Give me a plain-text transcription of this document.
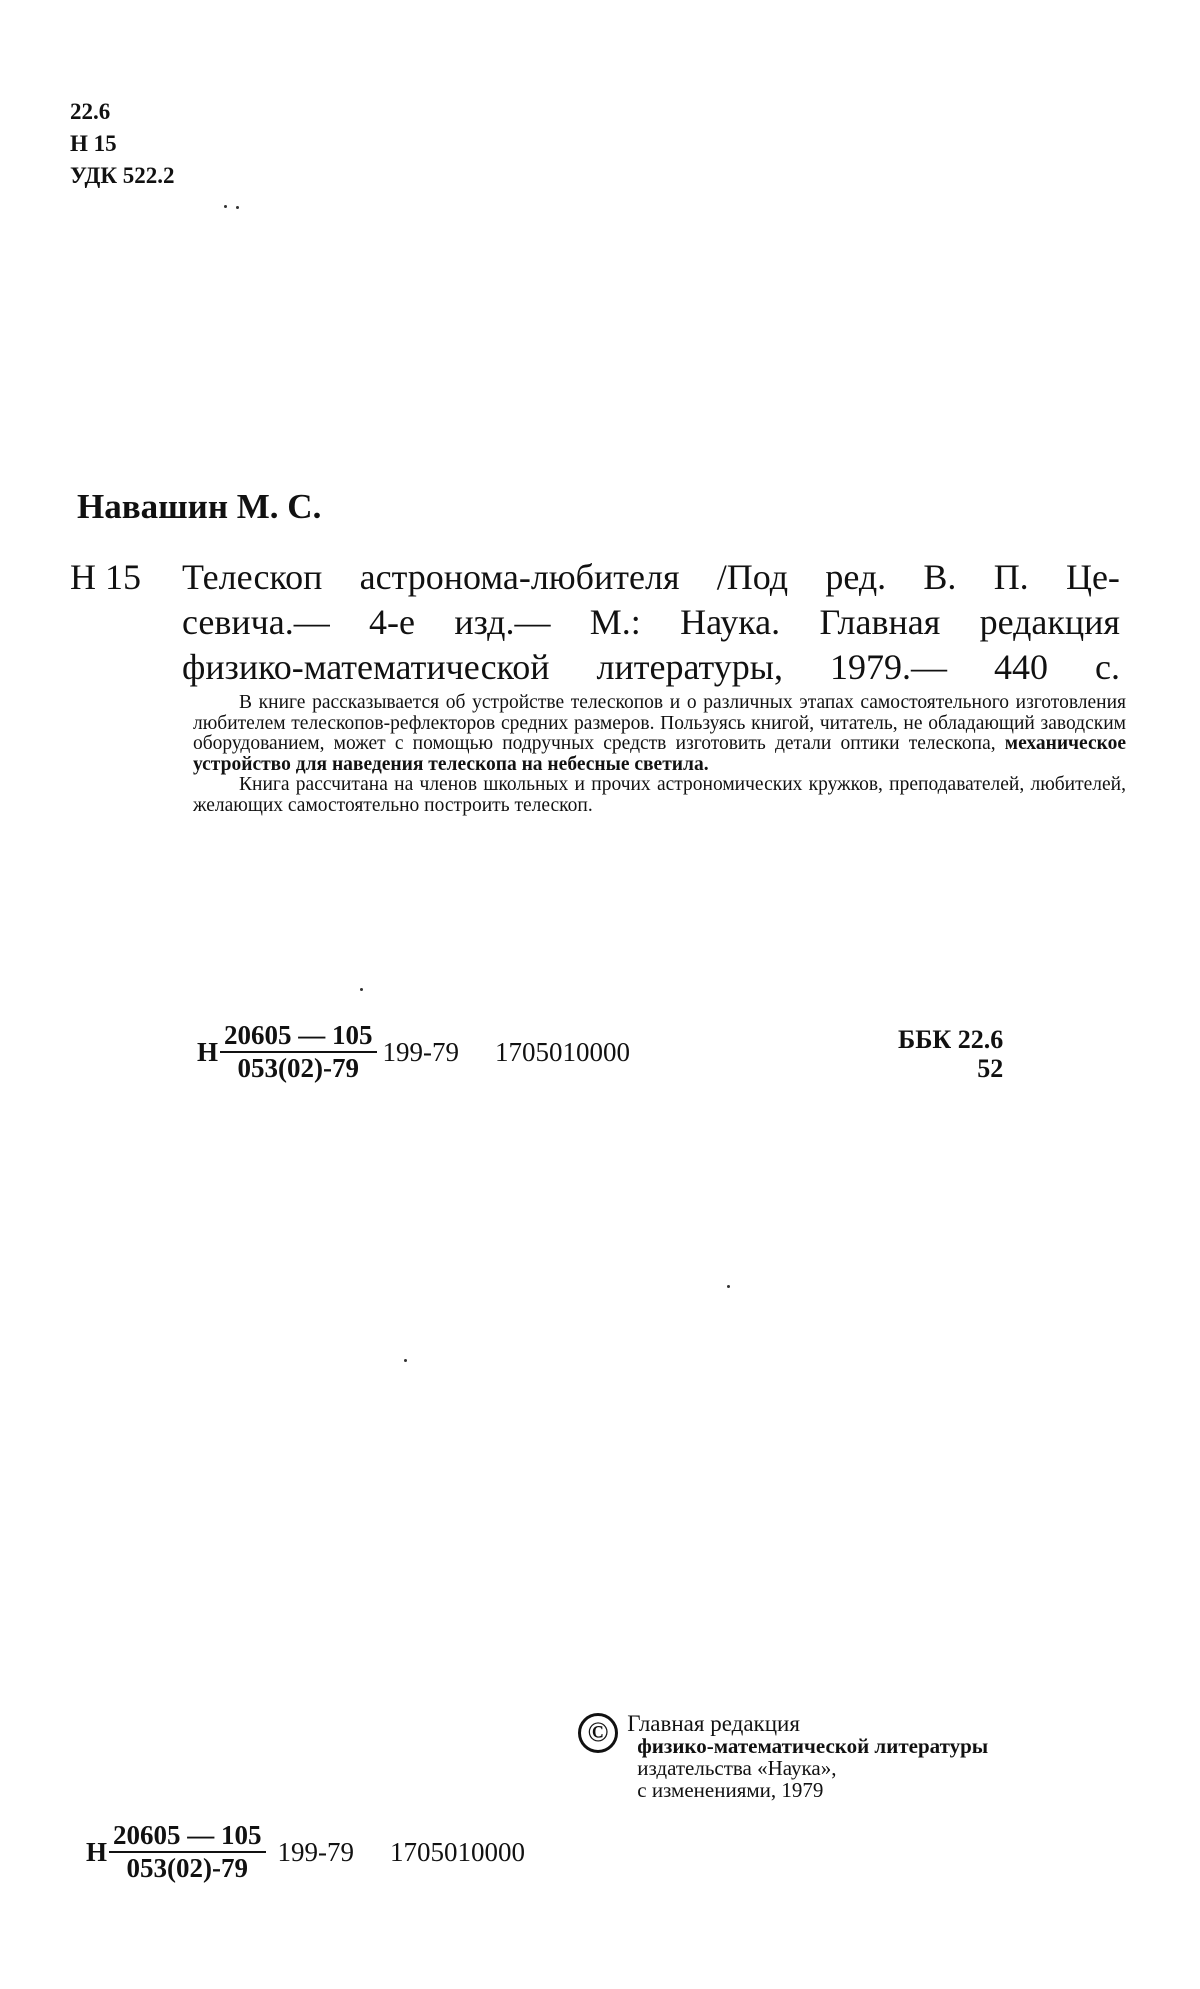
22.6
Н 15
УДК 522.2
Навашин М. С.
Н 15	Телескоп астронома-любителя /Под ред. В. П. Це-
севича.— 4-е изд.— М.: Наука. Главная редакция
физико-математической литературы, 1979.— 440 с.

В книге рассказывается об устройстве телескопов и о различных этапах самостоятельного изготовления любителем телескопов-рефлекторов средних размеров. Пользуясь книгой, читатель, не обладающий заводским оборудованием, может с помощью подручных средств изготовить детали оптики телескопа, механическое устройство для наведения телескопа на небесные светила.

Книга рассчитана на членов школьных и прочих астрономических кружков, преподавателей, любителей, желающих самостоятельно построить телескоп.

Н $\frac{20605 — 105}{053(02)-79} 199-79$ 1705010000	ББК 22.6
52
© Главная редакция
физико-математической литературы
издательства «Наука»,
с изменениями, 1979
Н $\frac{20605 — 105}{053(02)-79} 199-79$ 1705010000
